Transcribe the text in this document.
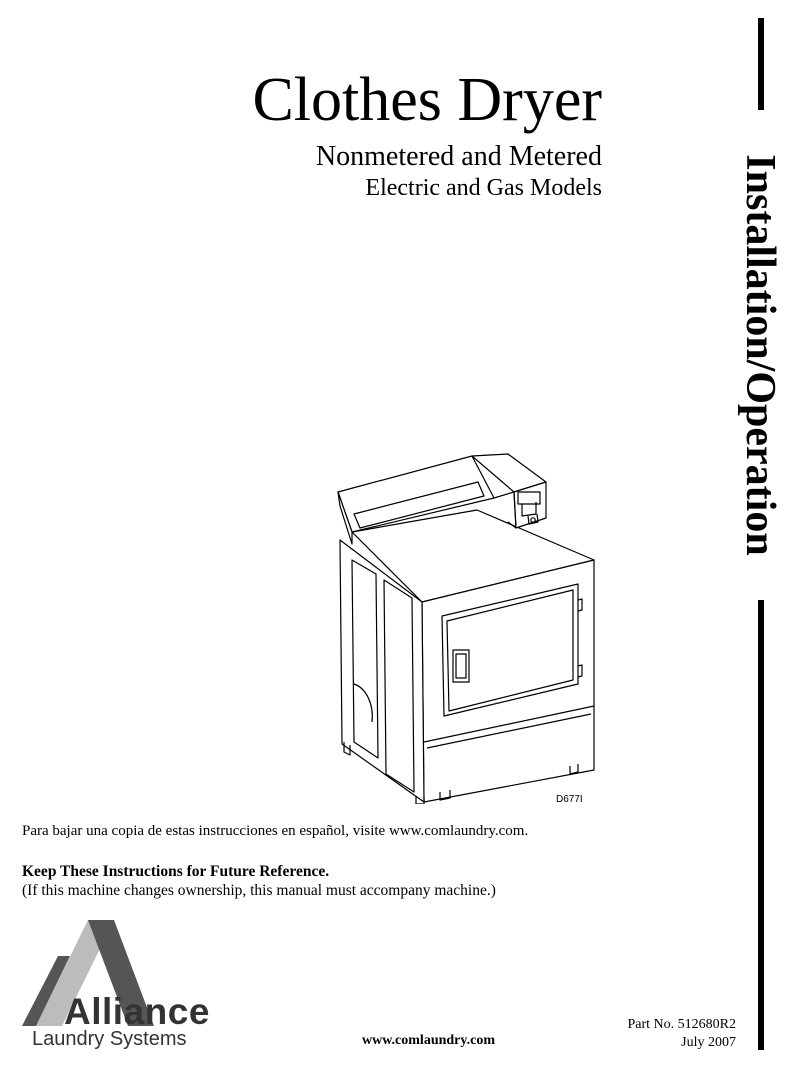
Clothes Dryer
Nonmetered and Metered
Electric and Gas Models	Installation/Operation
D677I
Para bajar una copia de estas instrucciones en español, visite www.comlaundry.com.
Keep These Instructions for Future Reference.
(If this machine changes ownership, this manual must accompany machine.)
Alliance
Laundry Systems	www.comlaundry.com
Part No. 512680R2
July 2007
